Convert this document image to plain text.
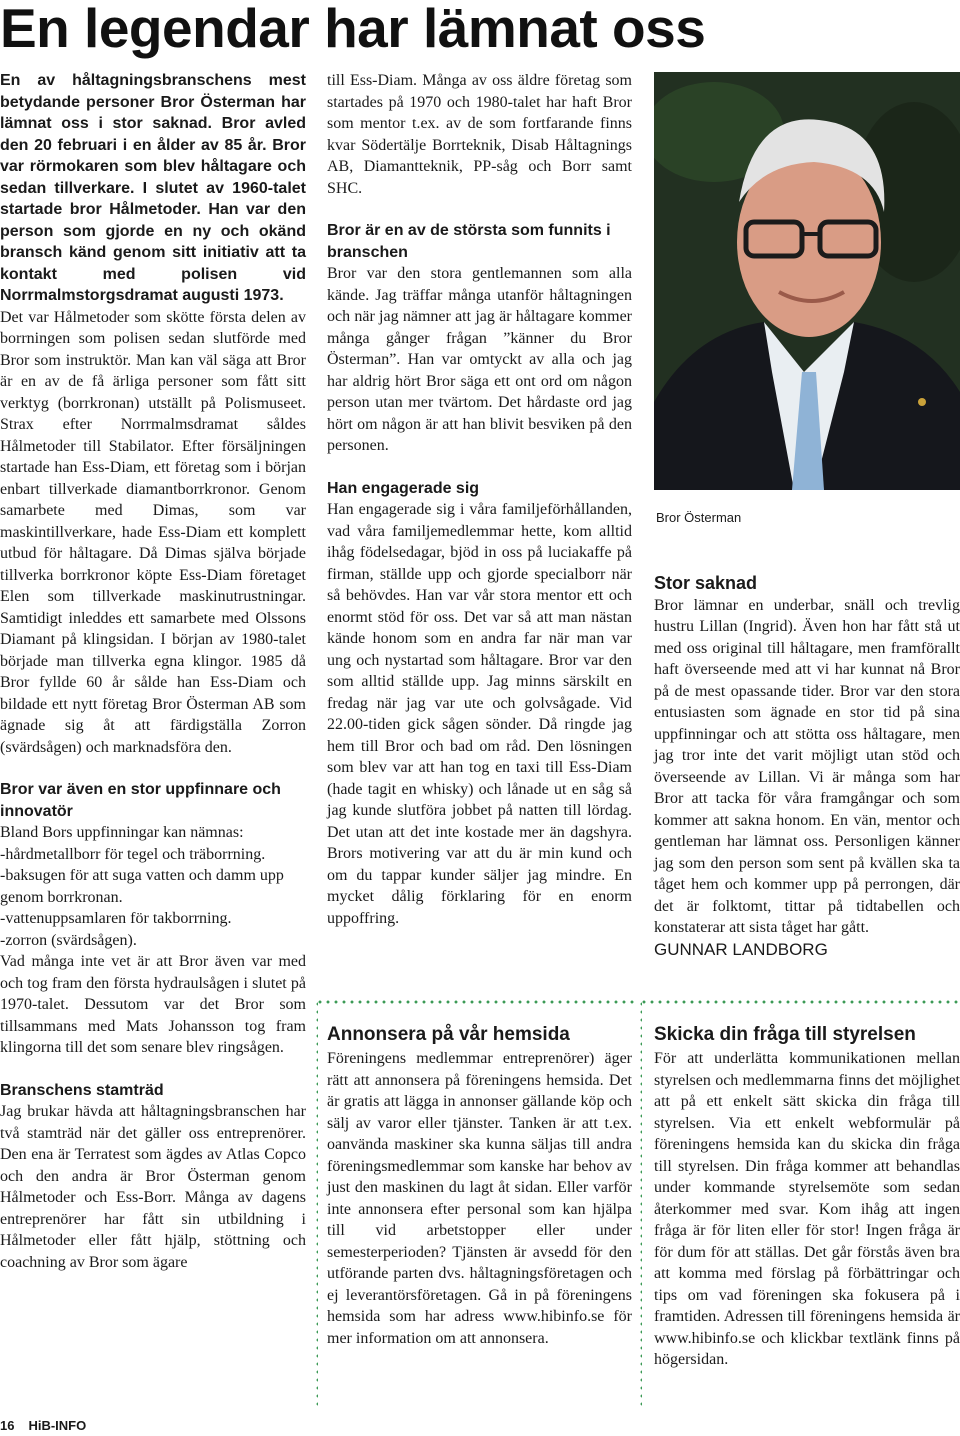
En legendar har lämnat oss

En av håltagningsbranschens mest betydande personer Bror Österman har lämnat oss i stor saknad. Bror avled den 20 februari i en ålder av 85 år. Bror var rörmokaren som blev håltagare och sedan tillverkare. I slutet av 1960-talet startade bror Hålmetoder. Han var den person som gjorde en ny och okänd bransch känd genom sitt initiativ att ta kontakt med polisen vid Norrmalmstorgsdramat augusti 1973.

Det var Hålmetoder som skötte första delen av borrningen som polisen sedan slutförde med Bror som instruktör. Man kan väl säga att Bror är en av de få ärliga personer som fått sitt verktyg (borrkronan) utställt på Polismuseet. Strax efter Norrmalmsdramat såldes Hålmetoder till Stabilator. Efter försäljningen startade han Ess-Diam, ett företag som i början enbart tillverkade diamantborrkronor. Genom samarbete med Dimas, som var maskintillverkare, hade Ess-Diam ett komplett utbud för håltagare. Då Dimas själva började tillverka borrkronor köpte Ess-Diam företaget Elen som tillverkade maskinutrustningar. Samtidigt inleddes ett samarbete med Olssons Diamant på klingsidan. I början av 1980-talet började man tillverka egna klingor. 1985 då Bror fyllde 60 år sålde han Ess-Diam och bildade ett nytt företag Bror Österman AB som ägnade sig åt att färdigställa Zorron (svärdsågen) och marknadsföra den.

Bror var även en stor uppfinnare och innovatör

Bland Bors uppfinningar kan nämnas:

-hårdmetallborr för tegel och träborrning.

-baksugen för att suga vatten och damm upp genom borrkronan.

-vattenuppsamlaren för takborrning.

-zorron (svärdsågen).

Vad många inte vet är att Bror även var med och tog fram den första hydraulsågen i slutet på 1970-talet. Dessutom var det Bror som tillsammans med Mats Johansson tog fram klingorna till det som senare blev ringsågen.

Branschens stamträd

Jag brukar hävda att håltagningsbranschen har två stamträd när det gäller oss entreprenörer. Den ena är Terratest som ägdes av Atlas Copco och den andra är Bror Österman genom Hålmetoder och Ess-Borr. Många av dagens entreprenörer har fått sin utbildning i Hålmetoder eller fått hjälp, stöttning och coachning av Bror som ägare

till Ess-Diam. Många av oss äldre företag som startades på 1970 och 1980-talet har haft Bror som mentor t.ex. av de som fortfarande finns kvar Södertälje Borrteknik, Disab Håltagnings AB, Diamantteknik, PP-såg och Borr samt SHC.

Bror är en av de största som funnits i branschen

Bror var den stora gentlemannen som alla kände. Jag träffar många utanför håltagningen och när jag nämner att jag är håltagare kommer många gånger frågan ”känner du Bror Österman”. Han var omtyckt av alla och jag har aldrig hört Bror säga ett ont ord om någon person utan mer tvärtom. Det hårdaste ord jag hört om någon är att han blivit besviken på den personen.

Han engagerade sig

Han engagerade sig i våra familjeförhållanden, vad våra familjemedlemmar hette, kom alltid ihåg födelsedagar, bjöd in oss på luciakaffe på firman, ställde upp och gjorde specialborr när så behövdes. Han var vår stora mentor ett och enormt stöd för oss. Det var så att man nästan kände honom som en andra far när man var ung och nystartad som håltagare. Bror var den som alltid ställde upp. Jag minns särskilt en fredag när jag var ute och golvsågade. Vid 22.00-tiden gick sågen sönder. Då ringde jag hem till Bror och bad om råd. Den lösningen som blev var att han tog en taxi till Ess-Diam (hade tagit en whisky) och lånade ut en såg så jag kunde slutföra jobbet på natten till lördag. Det utan att det inte kostade mer än dagshyra. Brors motivering var att du är min kund och om du tappar kunder säljer jag mindre. En mycket dålig förklaring för en enorm uppoffring.

Bror Österman

Stor saknad

Bror lämnar en underbar, snäll och trevlig hustru Lillan (Ingrid). Även hon har fått stå ut med oss original till håltagare, men framförallt haft överseende med att vi har kunnat nå Bror på de mest opassande tider. Bror var den stora entusiasten som ägnade en stor tid på sina uppfinningar och att stötta oss håltagare, men jag tror inte det varit möjligt utan stöd och överseende av Lillan. Vi är många som har Bror att tacka för våra framgångar och som kommer att sakna honom. En vän, mentor och gentleman har lämnat oss. Personligen känner jag som den person som sent på kvällen ska ta tåget hem och kommer upp på perrongen, där det är folktomt, tittar på tidtabellen och konstaterar att sista tåget har gått.

GUNNAR LANDBORG

Annonsera på vår hemsida

Föreningens medlemmar entreprenörer) äger rätt att annonsera på föreningens hemsida. Det är gratis att lägga in annonser gällande köp och sälj av varor eller tjänster. Tanken är att t.ex. oanvända maskiner ska kunna säljas till andra föreningsmedlemmar som kanske har behov av just den maskinen du lagt åt sidan. Eller varför inte annonsera efter personal som kan hjälpa till vid arbetstopper eller under semesterperioden? Tjänsten är avsedd för den utförande parten dvs. håltagningsföretagen och ej leverantörsföretagen. Gå in på föreningens hemsida som har adress www.hibinfo.se för mer information om att annonsera.

Skicka din fråga till styrelsen

För att underlätta kommunikationen mellan styrelsen och medlemmarna finns det möjlighet att på ett enkelt sätt skicka din fråga till styrelsen. Via ett enkelt webformulär på föreningens hemsida kan du skicka din fråga till styrelsen. Din fråga kommer att behandlas under kommande styrelsemöte som sedan återkommer med svar. Kom ihåg att ingen fråga är för liten eller för stor! Ingen fråga är för dum för att ställas. Det går förstås även bra att komma med förslag på förbättringar och tips om vad föreningen ska fokusera på i framtiden. Adressen till föreningens hemsida är www.hibinfo.se och klickbar textlänk finns på högersidan.

16 HiB-INFO
